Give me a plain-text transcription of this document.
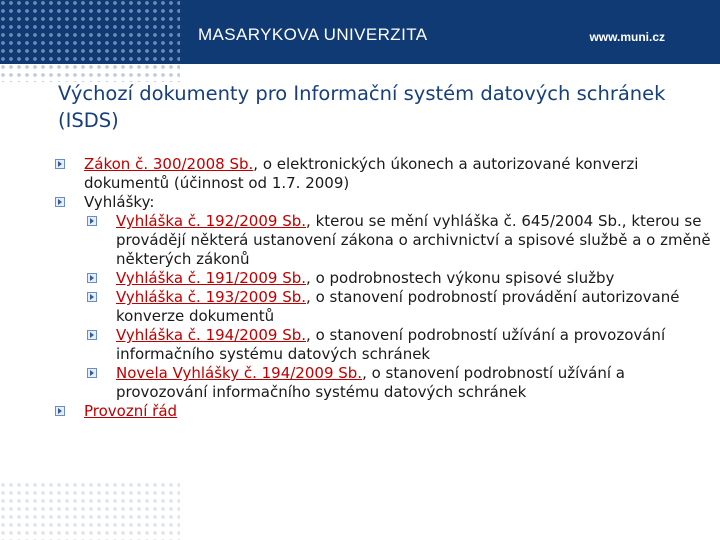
MASARYKOVA UNIVERZITA	www.muni.cz
Výchozí dokumenty pro Informační systém datových schránek (ISDS)
Zákon č. 300/2008 Sb., o elektronických úkonech a autorizované konverzi dokumentů (účinnost od 1.7. 2009)
Vyhlášky:
Vyhláška č. 192/2009 Sb., kterou se mění vyhláška č. 645/2004 Sb., kterou se provádějí některá ustanovení zákona o archivnictví a spisové službě a o změně některých zákonů
Vyhláška č. 191/2009 Sb., o podrobnostech výkonu spisové služby
Vyhláška č. 193/2009 Sb., o stanovení podrobností provádění autorizované konverze dokumentů
Vyhláška č. 194/2009 Sb., o stanovení podrobností užívání a provozování informačního systému datových schránek
Novela Vyhlášky č. 194/2009 Sb., o stanovení podrobností užívání a provozování informačního systému datových schránek
Provozní řád
